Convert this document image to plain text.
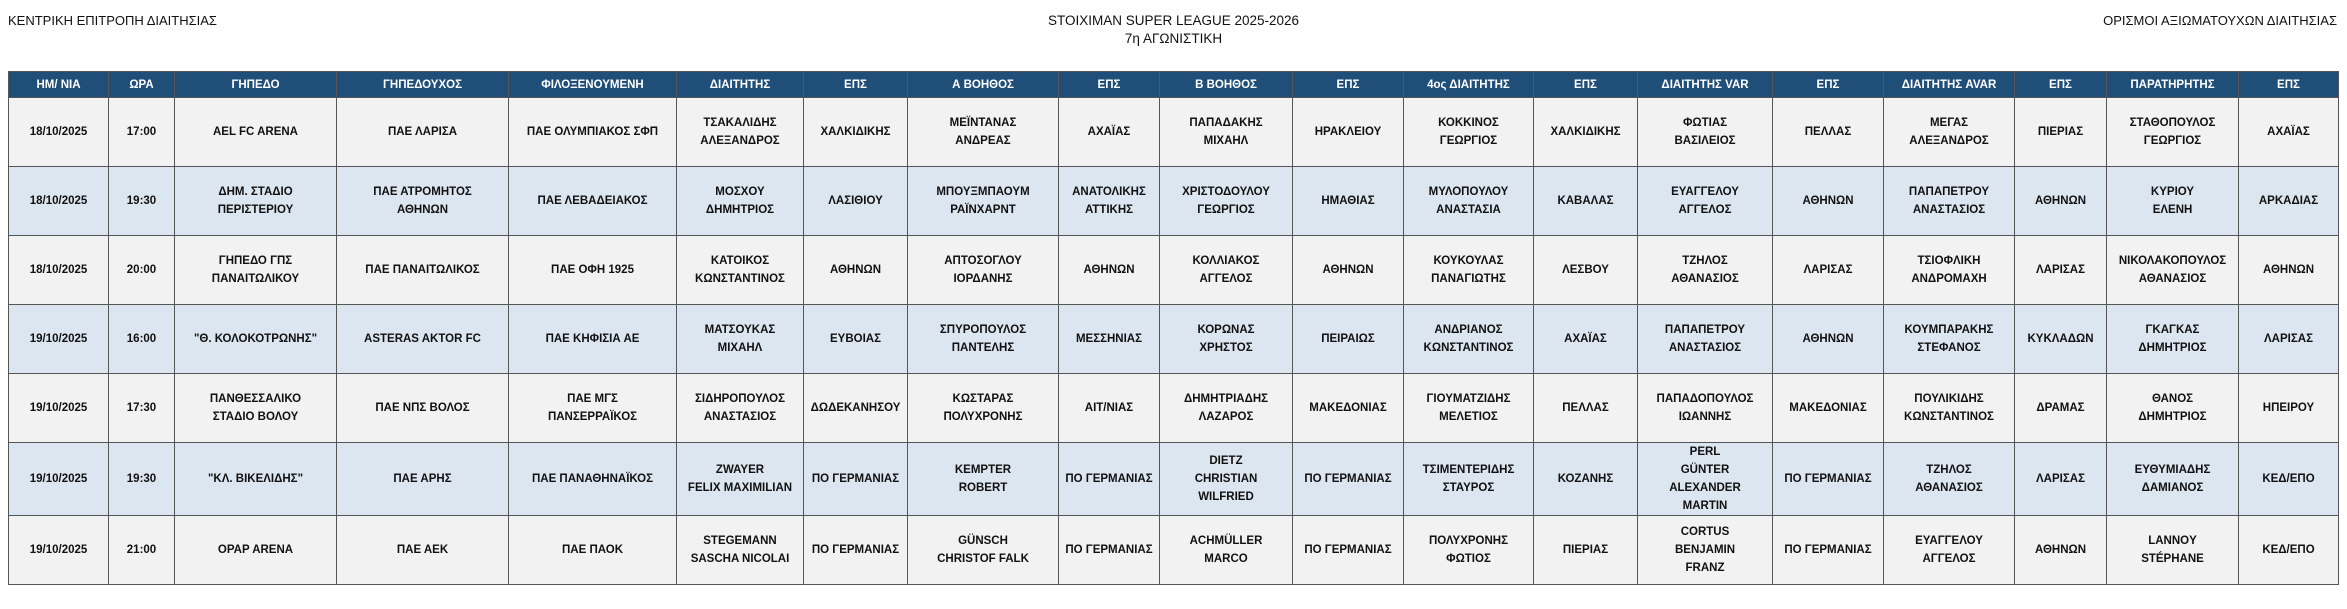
ΚΕΝΤΡΙΚΗ ΕΠΙΤΡΟΠΗ ΔΙΑΙΤΗΣΙΑΣ	STOIXIMAN SUPER LEAGUE 2025-2026
7η ΑΓΩΝΙΣΤΙΚΗ
ΟΡΙΣΜΟΙ ΑΞΙΩΜΑΤΟΥΧΩΝ ΔΙΑΙΤΗΣΙΑΣ
ΗΜ/ ΝΙΑ	ΩΡΑ	ΓΗΠΕΔΟ	ΓΗΠΕΔΟΥΧΟΣ	ΦΙΛΟΞΕΝΟΥΜΕΝΗ	ΔΙΑΙΤΗΤΗΣ	ΕΠΣ	Α ΒΟΗΘΟΣ	ΕΠΣ	Β ΒΟΗΘΟΣ	ΕΠΣ	4ος ΔΙΑΙΤΗΤΗΣ	ΕΠΣ	ΔΙΑΙΤΗΤΗΣ VAR	ΕΠΣ	ΔΙΑΙΤΗΤΗΣ AVAR	ΕΠΣ	ΠΑΡΑΤΗΡΗΤΗΣ	ΕΠΣ
18/10/2025	17:00	AEL FC ARENA	ΠΑΕ ΛΑΡΙΣΑ	ΠΑΕ ΟΛΥΜΠΙΑΚΟΣ ΣΦΠ	ΤΣΑΚΑΛΙΔΗΣ
ΑΛΕΞΑΝΔΡΟΣ	ΧΑΛΚΙΔΙΚΗΣ	ΜΕΪΝΤΑΝΑΣ
ΑΝΔΡΕΑΣ	ΑΧΑΪΑΣ	ΠΑΠΑΔΑΚΗΣ
ΜΙΧΑΗΛ	ΗΡΑΚΛΕΙΟΥ	ΚΟΚΚΙΝΟΣ
ΓΕΩΡΓΙΟΣ	ΧΑΛΚΙΔΙΚΗΣ	ΦΩΤΙΑΣ
ΒΑΣΙΛΕΙΟΣ	ΠΕΛΛΑΣ	ΜΕΓΑΣ
ΑΛΕΞΑΝΔΡΟΣ	ΠΙΕΡΙΑΣ	ΣΤΑΘΟΠΟΥΛΟΣ
ΓΕΩΡΓΙΟΣ	ΑΧΑΪΑΣ
18/10/2025	19:30	ΔΗΜ. ΣΤΑΔΙΟ
ΠΕΡΙΣΤΕΡΙΟΥ	ΠΑΕ ΑΤΡΟΜΗΤΟΣ
ΑΘΗΝΩΝ	ΠΑΕ ΛΕΒΑΔΕΙΑΚΟΣ	ΜΟΣΧΟΥ
ΔΗΜΗΤΡΙΟΣ	ΛΑΣΙΘΙΟΥ	ΜΠΟΥΞΜΠΑΟΥΜ
ΡΑΪΝΧΑΡΝΤ	ΑΝΑΤΟΛΙΚΗΣ
ΑΤΤΙΚΗΣ	ΧΡΙΣΤΟΔΟΥΛΟΥ
ΓΕΩΡΓΙΟΣ	ΗΜΑΘΙΑΣ	ΜΥΛΟΠΟΥΛΟΥ
ΑΝΑΣΤΑΣΙΑ	ΚΑΒΑΛΑΣ	ΕΥΑΓΓΕΛΟΥ
ΑΓΓΕΛΟΣ	ΑΘΗΝΩΝ	ΠΑΠΑΠΕΤΡΟΥ
ΑΝΑΣΤΑΣΙΟΣ	ΑΘΗΝΩΝ	ΚΥΡΙΟΥ
ΕΛΕΝΗ	ΑΡΚΑΔΙΑΣ
18/10/2025	20:00	ΓΗΠΕΔΟ ΓΠΣ
ΠΑΝΑΙΤΩΛΙΚΟΥ	ΠΑΕ ΠΑΝΑΙΤΩΛΙΚΟΣ	ΠΑΕ ΟΦΗ 1925	ΚΑΤΟΙΚΟΣ
ΚΩΝΣΤΑΝΤΙΝΟΣ	ΑΘΗΝΩΝ	ΑΠΤΟΣΟΓΛΟΥ
ΙΟΡΔΑΝΗΣ	ΑΘΗΝΩΝ	ΚΟΛΛΙΑΚΟΣ
ΑΓΓΕΛΟΣ	ΑΘΗΝΩΝ	ΚΟΥΚΟΥΛΑΣ
ΠΑΝΑΓΙΩΤΗΣ	ΛΕΣΒΟΥ	ΤΖΗΛΟΣ
ΑΘΑΝΑΣΙΟΣ	ΛΑΡΙΣΑΣ	ΤΣΙΟΦΛΙΚΗ
ΑΝΔΡΟΜΑΧΗ	ΛΑΡΙΣΑΣ	ΝΙΚΟΛΑΚΟΠΟΥΛΟΣ
ΑΘΑΝΑΣΙΟΣ	ΑΘΗΝΩΝ
19/10/2025	16:00	"Θ. ΚΟΛΟΚΟΤΡΩΝΗΣ"	ASTERAS AKTOR FC	ΠΑΕ ΚΗΦΙΣΙΑ ΑΕ	ΜΑΤΣΟΥΚΑΣ
ΜΙΧΑΗΛ	ΕΥΒΟΙΑΣ	ΣΠΥΡΟΠΟΥΛΟΣ
ΠΑΝΤΕΛΗΣ	ΜΕΣΣΗΝΙΑΣ	ΚΟΡΩΝΑΣ
ΧΡΗΣΤΟΣ	ΠΕΙΡΑΙΩΣ	ΑΝΔΡΙΑΝΟΣ
ΚΩΝΣΤΑΝΤΙΝΟΣ	ΑΧΑΪΑΣ	ΠΑΠΑΠΕΤΡΟΥ
ΑΝΑΣΤΑΣΙΟΣ	ΑΘΗΝΩΝ	ΚΟΥΜΠΑΡΑΚΗΣ
ΣΤΕΦΑΝΟΣ	ΚΥΚΛΑΔΩΝ	ΓΚΑΓΚΑΣ
ΔΗΜΗΤΡΙΟΣ	ΛΑΡΙΣΑΣ
19/10/2025	17:30	ΠΑΝΘΕΣΣΑΛΙΚΟ
ΣΤΑΔΙΟ ΒΟΛΟΥ	ΠΑΕ ΝΠΣ ΒΟΛΟΣ	ΠΑΕ ΜΓΣ
ΠΑΝΣΕΡΡΑΪΚΟΣ	ΣΙΔΗΡΟΠΟΥΛΟΣ
ΑΝΑΣΤΑΣΙΟΣ	ΔΩΔΕΚΑΝΗΣΟΥ	ΚΩΣΤΑΡΑΣ
ΠΟΛΥΧΡΟΝΗΣ	ΑΙΤ/ΝΙΑΣ	ΔΗΜΗΤΡΙΑΔΗΣ
ΛΑΖΑΡΟΣ	ΜΑΚΕΔΟΝΙΑΣ	ΓΙΟΥΜΑΤΖΙΔΗΣ
ΜΕΛΕΤΙΟΣ	ΠΕΛΛΑΣ	ΠΑΠΑΔΟΠΟΥΛΟΣ
ΙΩΑΝΝΗΣ	ΜΑΚΕΔΟΝΙΑΣ	ΠΟΥΛΙΚΙΔΗΣ
ΚΩΝΣΤΑΝΤΙΝΟΣ	ΔΡΑΜΑΣ	ΘΑΝΟΣ
ΔΗΜΗΤΡΙΟΣ	ΗΠΕΙΡΟΥ
19/10/2025	19:30	"ΚΛ. ΒΙΚΕΛΙΔΗΣ"	ΠΑΕ ΑΡΗΣ	ΠΑΕ ΠΑΝΑΘΗΝΑΪΚΟΣ	ZWAYER
FELIX MAXIMILIAN	ΠΟ ΓΕΡΜΑΝΙΑΣ	KEMPTER
ROBERT	ΠΟ ΓΕΡΜΑΝΙΑΣ	DIETZ
CHRISTIAN
WILFRIED	ΠΟ ΓΕΡΜΑΝΙΑΣ	ΤΣΙΜΕΝΤΕΡΙΔΗΣ
ΣΤΑΥΡΟΣ	ΚΟΖΑΝΗΣ	PERL
GÜNTER
ALEXANDER
MARTIN	ΠΟ ΓΕΡΜΑΝΙΑΣ	ΤΖΗΛΟΣ
ΑΘΑΝΑΣΙΟΣ	ΛΑΡΙΣΑΣ	ΕΥΘΥΜΙΑΔΗΣ
ΔΑΜΙΑΝΟΣ	ΚΕΔ/ΕΠΟ
19/10/2025	21:00	OPAP ARENA	ΠΑΕ ΑΕΚ	ΠΑΕ ΠΑΟΚ	STEGEMANN
SASCHA NICOLAI	ΠΟ ΓΕΡΜΑΝΙΑΣ	GÜNSCH
CHRISTOF FALK	ΠΟ ΓΕΡΜΑΝΙΑΣ	ACHMÜLLER
MARCO	ΠΟ ΓΕΡΜΑΝΙΑΣ	ΠΟΛΥΧΡΟΝΗΣ
ΦΩΤΙΟΣ	ΠΙΕΡΙΑΣ	CORTUS
BENJAMIN
FRANZ	ΠΟ ΓΕΡΜΑΝΙΑΣ	ΕΥΑΓΓΕΛΟΥ
ΑΓΓΕΛΟΣ	ΑΘΗΝΩΝ	LANNOY
STÉPHANE	ΚΕΔ/ΕΠΟ
